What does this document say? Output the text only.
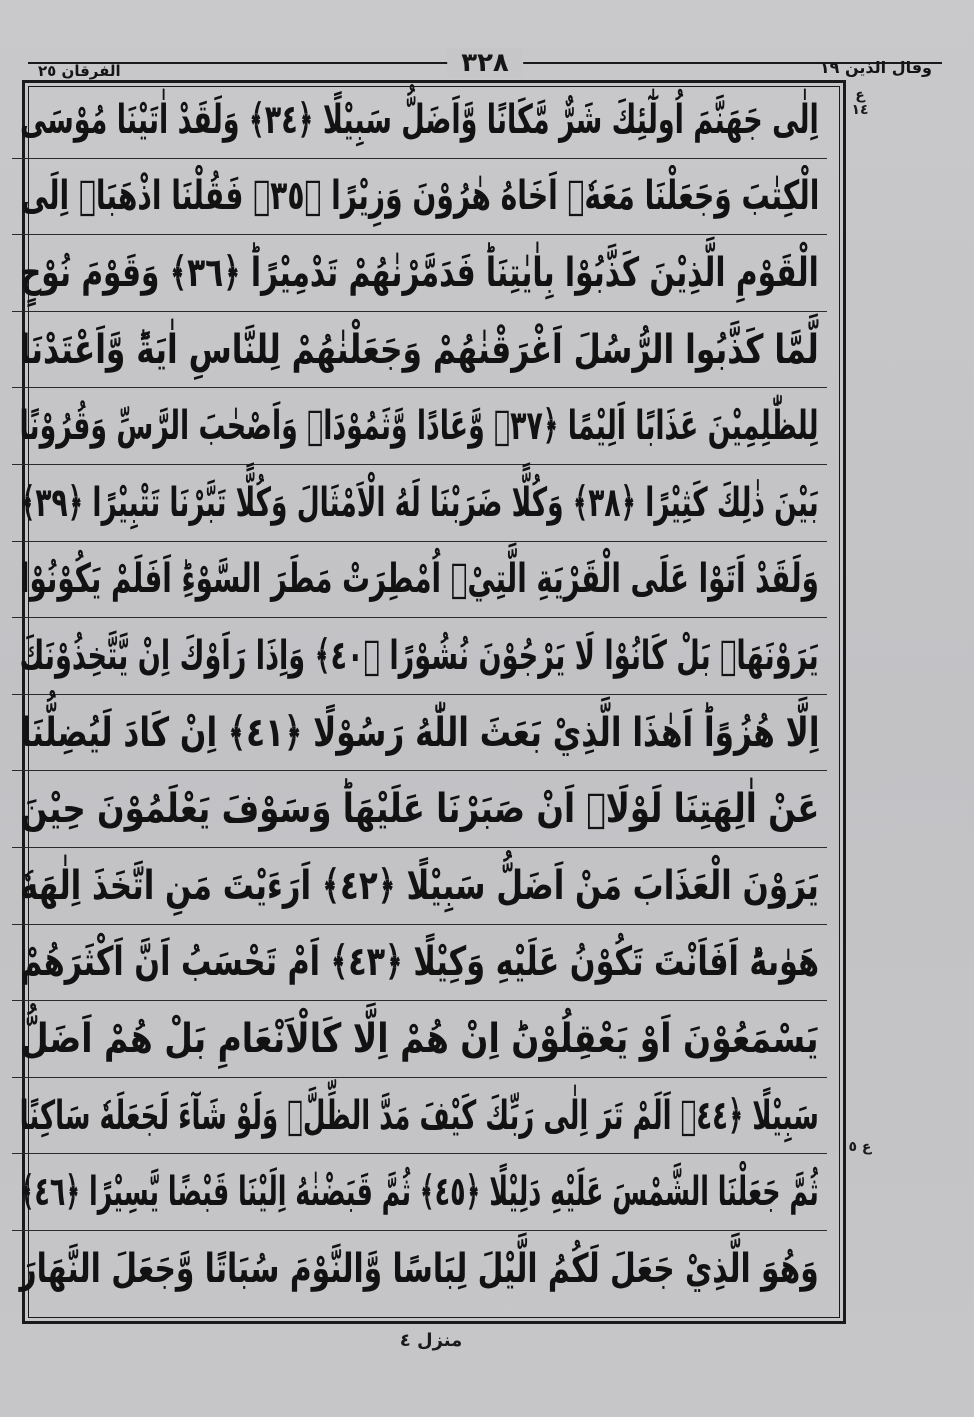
وقال الذين ١٩
٣٢٨
الفرقان ٢٥
اِلٰى جَهَنَّمَ اُولٰٓئِكَ شَرٌّ مَّكَانًا وَّاَضَلُّ سَبِيْلًا ﴿٣٤﴾ وَلَقَدْ اٰتَيْنَا مُوْسَى
الْكِتٰبَ وَجَعَلْنَا مَعَهٗۤ اَخَاهُ هٰرُوْنَ وَزِيْرًا ﴿٣٥﴾ فَقُلْنَا اذْهَبَاۤ اِلَى
الْقَوْمِ الَّذِيْنَ كَذَّبُوْا بِاٰيٰتِنَاؕ فَدَمَّرْنٰهُمْ تَدْمِيْرًاؕ ﴿٣٦﴾ وَقَوْمَ نُوْحٍ
لَّمَّا كَذَّبُوا الرُّسُلَ اَغْرَقْنٰهُمْ وَجَعَلْنٰهُمْ لِلنَّاسِ اٰيَةًؕ وَّاَعْتَدْنَا
لِلظّٰلِمِيْنَ عَذَابًا اَلِيْمًا ﴿٣٧﴾ وَّعَادًا وَّثَمُوْدَاۡ وَاَصْحٰبَ الرَّسِّ وَقُرُوْنًا
بَيْنَ ذٰلِكَ كَثِيْرًا ﴿٣٨﴾ وَكُلًّا ضَرَبْنَا لَهُ الْاَمْثَالَ وَكُلًّا تَبَّرْنَا تَتْبِيْرًا ﴿٣٩﴾
وَلَقَدْ اَتَوْا عَلَى الْقَرْيَةِ الَّتِيْۤ اُمْطِرَتْ مَطَرَ السَّوْءِؕ اَفَلَمْ يَكُوْنُوْا
يَرَوْنَهَاۚ بَلْ كَانُوْا لَا يَرْجُوْنَ نُشُوْرًا ﴿٤٠﴾ وَاِذَا رَاَوْكَ اِنْ يَّتَّخِذُوْنَكَ
اِلَّا هُزُوًاؕ اَهٰذَا الَّذِيْ بَعَثَ اللّٰهُ رَسُوْلًا ﴿٤١﴾ اِنْ كَادَ لَيُضِلُّنَا
عَنْ اٰلِهَتِنَا لَوْلَاۤ اَنْ صَبَرْنَا عَلَيْهَاؕ وَسَوْفَ يَعْلَمُوْنَ حِيْنَ
يَرَوْنَ الْعَذَابَ مَنْ اَضَلُّ سَبِيْلًا ﴿٤٢﴾ اَرَءَيْتَ مَنِ اتَّخَذَ اِلٰهَهٗ
هَوٰىهُؕ اَفَاَنْتَ تَكُوْنُ عَلَيْهِ وَكِيْلًا ﴿٤٣﴾ اَمْ تَحْسَبُ اَنَّ اَكْثَرَهُمْ
يَسْمَعُوْنَ اَوْ يَعْقِلُوْنَؕ اِنْ هُمْ اِلَّا كَالْاَنْعَامِ بَلْ هُمْ اَضَلُّ
سَبِيْلًا ﴿٤٤﴾ اَلَمْ تَرَ اِلٰى رَبِّكَ كَيْفَ مَدَّ الظِّلَّۚ وَلَوْ شَآءَ لَجَعَلَهٗ سَاكِنًا
ثُمَّ جَعَلْنَا الشَّمْسَ عَلَيْهِ دَلِيْلًا ﴿٤٥﴾ ثُمَّ قَبَضْنٰهُ اِلَيْنَا قَبْضًا يَّسِيْرًا ﴿٤٦﴾
وَهُوَ الَّذِيْ جَعَلَ لَكُمُ الَّيْلَ لِبَاسًا وَّالنَّوْمَ سُبَاتًا وَّجَعَلَ النَّهَارَ
ع ١٤
ع ٥
منزل ٤
